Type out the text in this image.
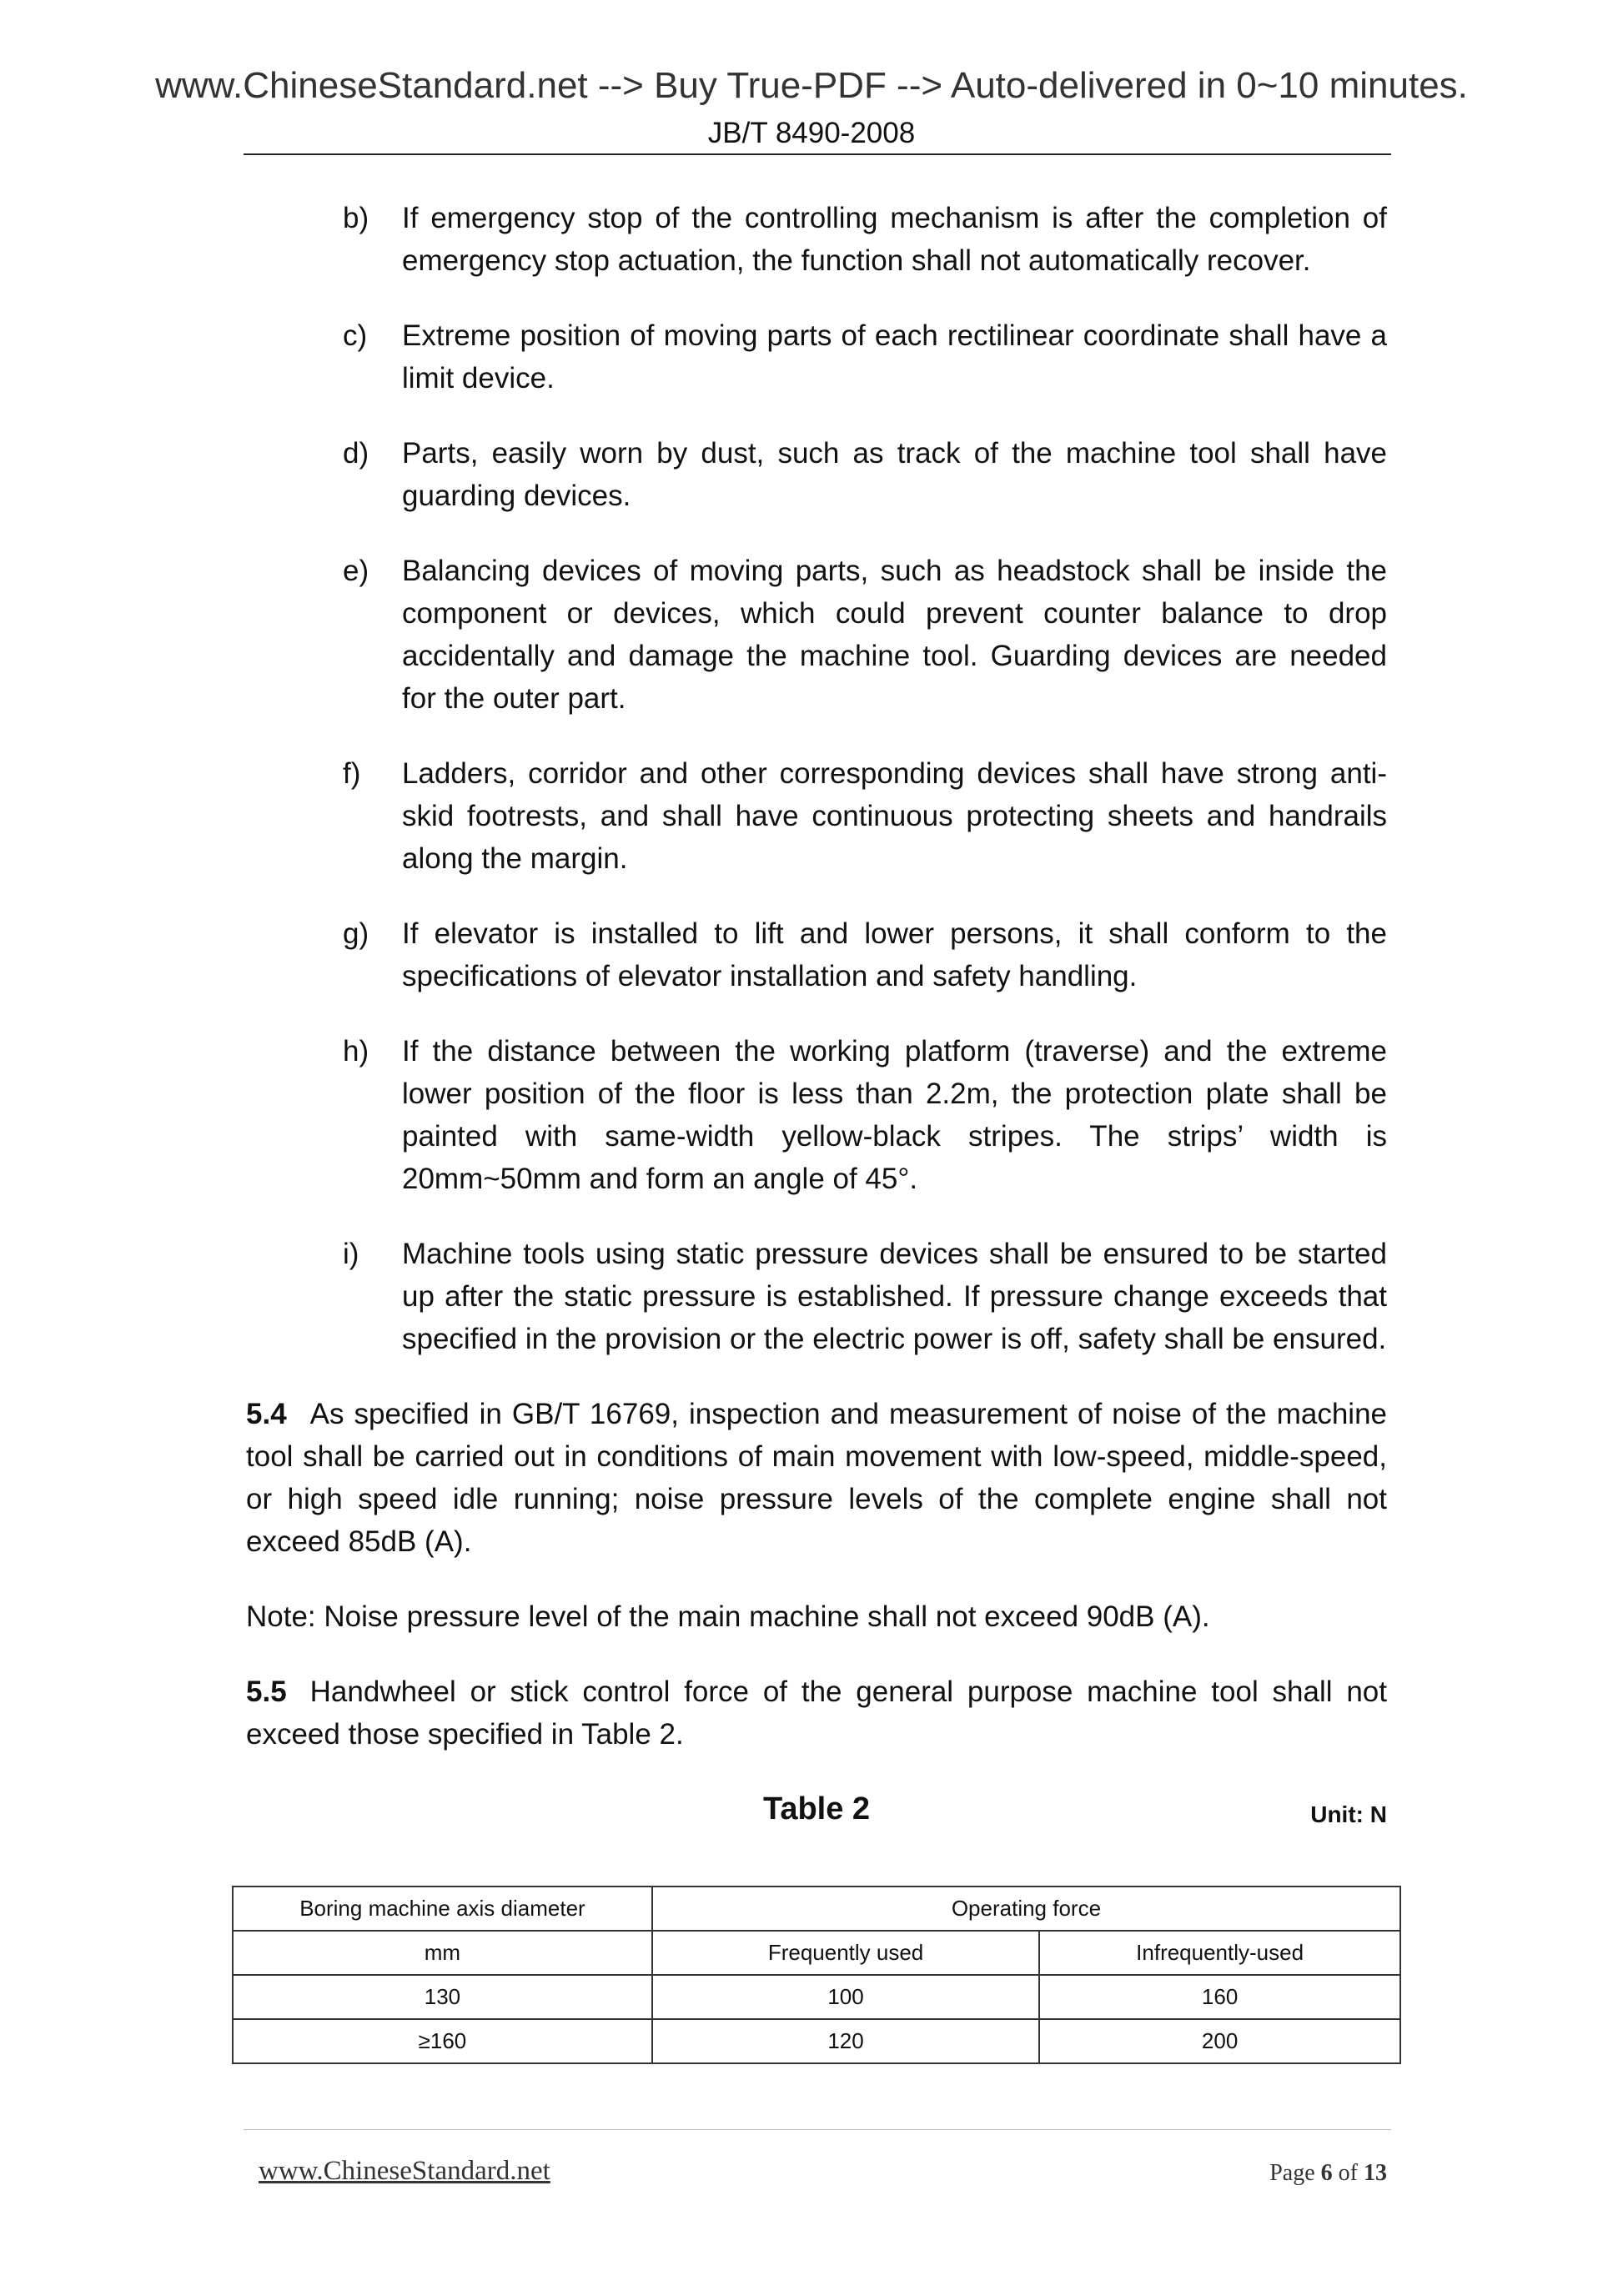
www.ChineseStandard.net --> Buy True-PDF --> Auto-delivered in 0~10 minutes.
JB/T 8490-2008
b) If emergency stop of the controlling mechanism is after the completion of emergency stop actuation, the function shall not automatically recover.
c) Extreme position of moving parts of each rectilinear coordinate shall have a limit device.
d) Parts, easily worn by dust, such as track of the machine tool shall have guarding devices.
e) Balancing devices of moving parts, such as headstock shall be inside the component or devices, which could prevent counter balance to drop accidentally and damage the machine tool. Guarding devices are needed for the outer part.
f) Ladders, corridor and other corresponding devices shall have strong anti-skid footrests, and shall have continuous protecting sheets and handrails along the margin.
g) If elevator is installed to lift and lower persons, it shall conform to the specifications of elevator installation and safety handling.
h) If the distance between the working platform (traverse) and the extreme lower position of the floor is less than 2.2m, the protection plate shall be painted with same-width yellow-black stripes. The strips’ width is 20mm~50mm and form an angle of 45°.
i) Machine tools using static pressure devices shall be ensured to be started up after the static pressure is established. If pressure change exceeds that specified in the provision or the electric power is off, safety shall be ensured.

5.4 As specified in GB/T 16769, inspection and measurement of noise of the machine tool shall be carried out in conditions of main movement with low-speed, middle-speed, or high speed idle running; noise pressure levels of the complete engine shall not exceed 85dB (A).

Note: Noise pressure level of the main machine shall not exceed 90dB (A).

5.5 Handwheel or stick control force of the general purpose machine tool shall not exceed those specified in Table 2.

Table 2	Unit: N
Boring machine axis diameter	Operating force	
mm	Frequently used	Infrequently-used
130	100	160
≥160	120	200
www.ChineseStandard.net	Page 6 of 13
